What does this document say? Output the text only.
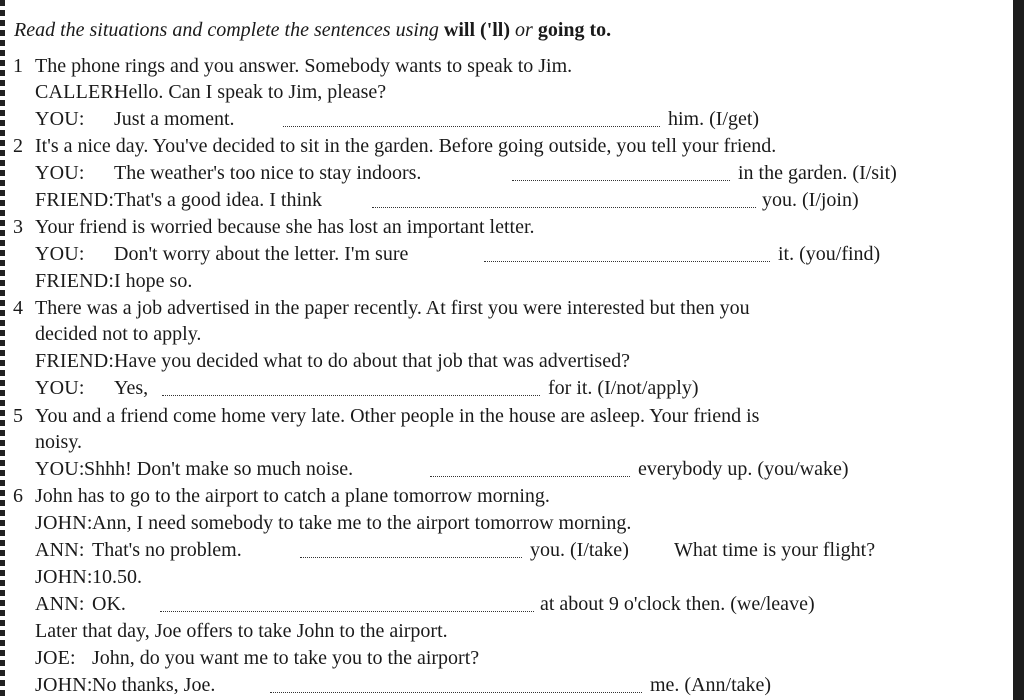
Read the situations and complete the sentences using will ('ll) or going to.
1 The phone rings and you answer. Somebody wants to speak to Jim.
CALLER:
Hello. Can I speak to Jim, please?
YOU: Just a moment.	him. (I/get)
2 It's a nice day. You've decided to sit in the garden. Before going outside, you tell your friend.
YOU: The weather's too nice to stay indoors.	in the garden. (I/sit)
FRIEND: That's a good idea. I think	you. (I/join)
3 Your friend is worried because she has lost an important letter.
YOU: Don't worry about the letter. I'm sure	it. (you/find)
FRIEND: I hope so.
4 There was a job advertised in the paper recently. At first you were interested but then you
decided not to apply.
FRIEND: Have you decided what to do about that job that was advertised?
YOU: Yes,	for it. (I/not/apply)
5 You and a friend come home very late. Other people in the house are asleep. Your friend is
noisy.
YOU: Shhh! Don't make so much noise.	everybody up. (you/wake)
6 John has to go to the airport to catch a plane tomorrow morning.
JOHN: Ann, I need somebody to take me to the airport tomorrow morning.
ANN: That's no problem.	you. (I/take) What time is your flight?
JOHN: 10.50.
ANN: OK.	at about 9 o'clock then. (we/leave)
Later that day, Joe offers to take John to the airport.
JOE: John, do you want me to take you to the airport?
JOHN: No thanks, Joe.	me. (Ann/take)
